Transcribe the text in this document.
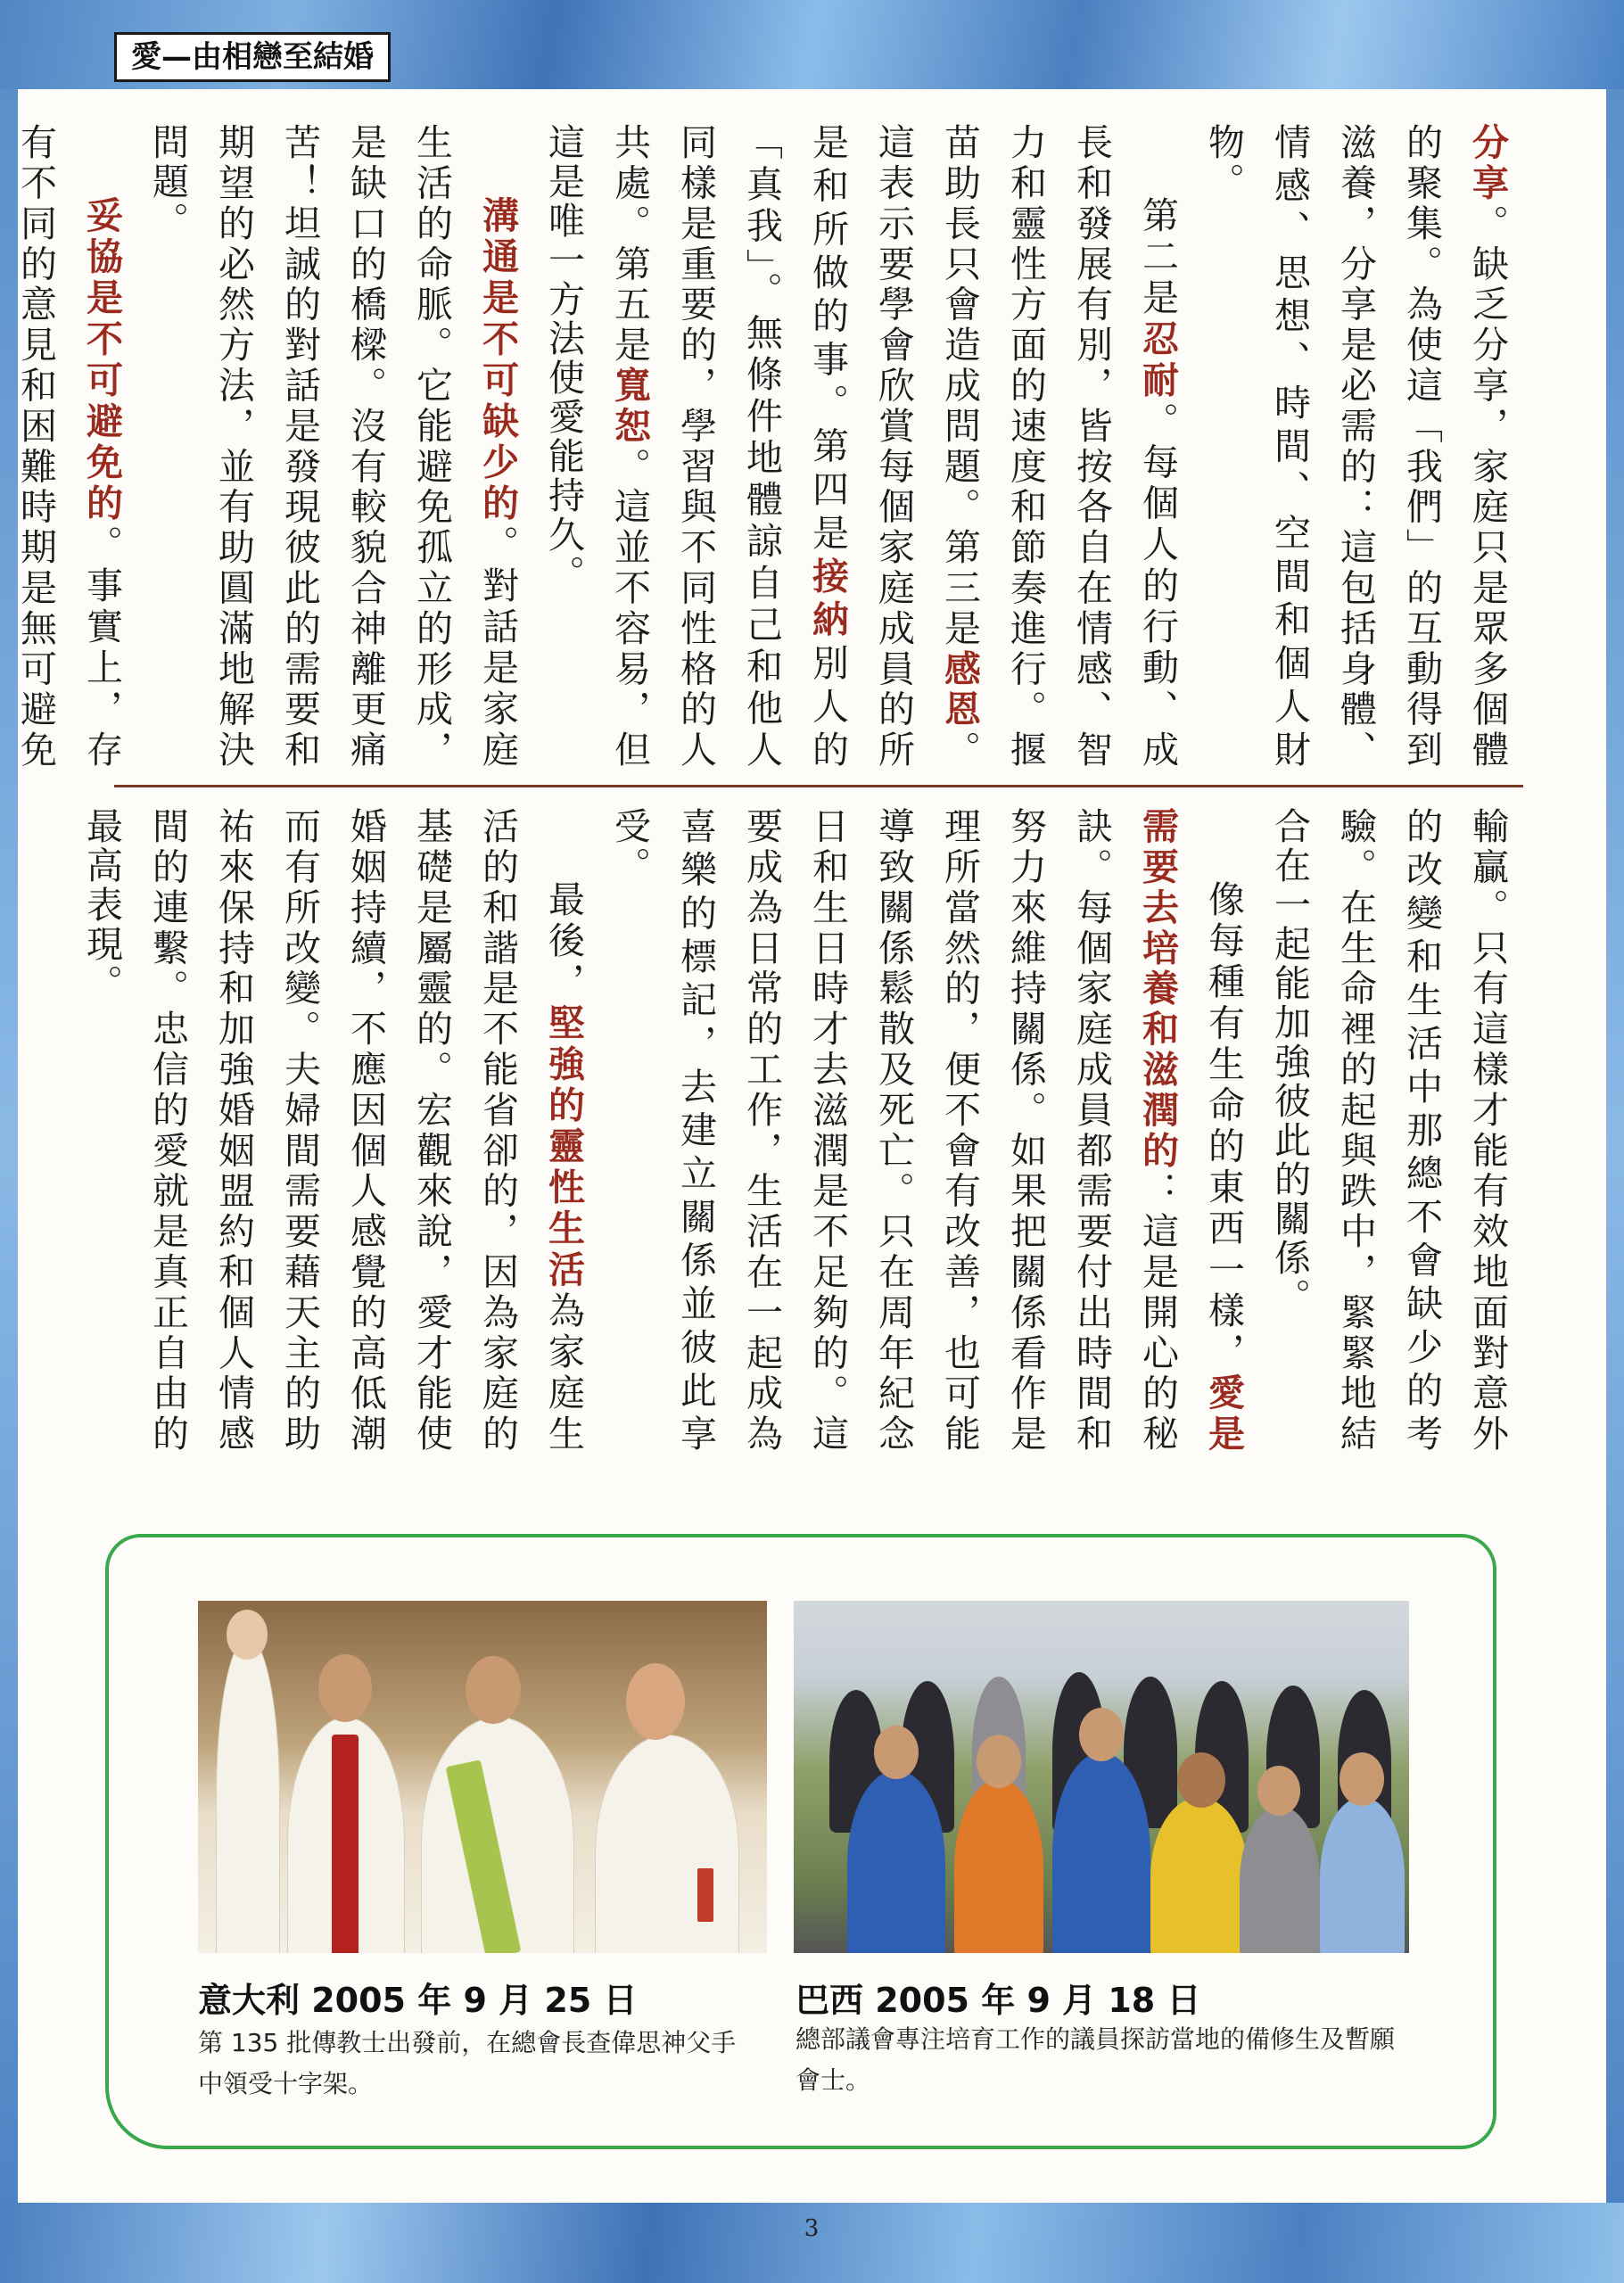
愛—由相戀至結婚

分享。缺乏分享，家庭只是眾多個體的聚集。為使這「我們」的互動得到滋養，分享是必需的：這包括身體、情感、思想、時間、空間和個人財物。

第二是忍耐。每個人的行動、成長和發展有別，皆按各自在情感、智力和靈性方面的速度和節奏進行。揠苗助長只會造成問題。第三是感恩。這表示要學會欣賞每個家庭成員的所是和所做的事。第四是接納別人的「真我」。無條件地體諒自己和他人同樣是重要的，學習與不同性格的人共處。第五是寬恕。這並不容易，但這是唯一方法使愛能持久。

溝通是不可缺少的。對話是家庭生活的命脈。它能避免孤立的形成，是缺口的橋樑。沒有較貌合神離更痛苦！坦誠的對話是發現彼此的需要和期望的必然方法，並有助圓滿地解決問題。

妥協是不可避免的。事實上，存有不同的意見和困難時期是無可避免

輸贏。只有這樣才能有效地面對意外的改變和生活中那總不會缺少的考驗。在生命裡的起與跌中，緊緊地結合在一起能加強彼此的關係。

像每種有生命的東西一樣，愛是需要去培養和滋潤的：這是開心的秘訣。每個家庭成員都需要付出時間和努力來維持關係。如果把關係看作是理所當然的，便不會有改善，也可能導致關係鬆散及死亡。只在周年紀念日和生日時才去滋潤是不足夠的。這要成為日常的工作，生活在一起成為喜樂的標記，去建立關係並彼此享受。

最後，堅強的靈性生活為家庭生活的和諧是不能省卻的，因為家庭的基礎是屬靈的。宏觀來說，愛才能使婚姻持續，不應因個人感覺的高低潮而有所改變。夫婦間需要藉天主的助祐來保持和加強婚姻盟約和個人情感間的連繫。忠信的愛就是真正自由的最高表現。

意大利 2005 年 9 月 25 日
第 135 批傳教士出發前，在總會長查偉思神父手中領受十字架。
巴西 2005 年 9 月 18 日
總部議會專注培育工作的議員探訪當地的備修生及暫願會士。
3
